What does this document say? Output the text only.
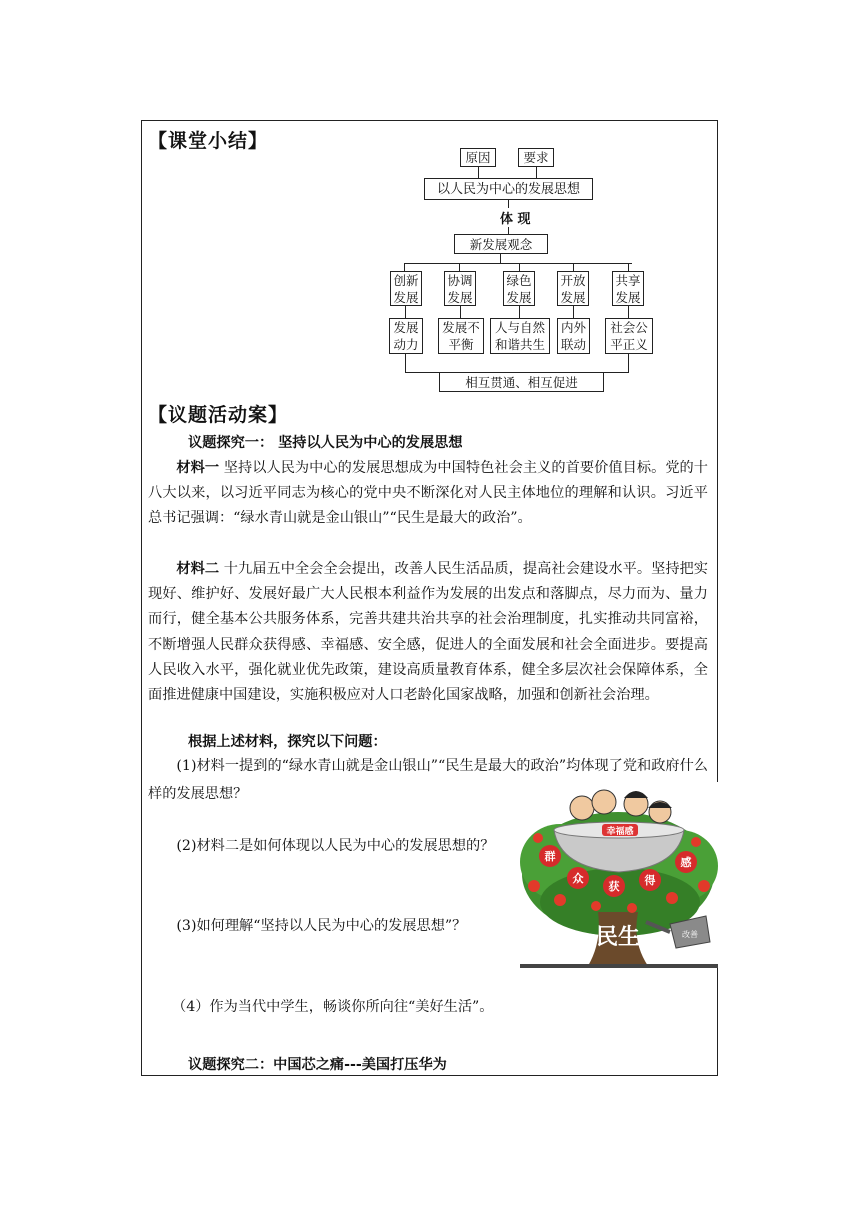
【课堂小结】
原因	要求
以人民为中心的发展思想
体 现
新发展观念
创新
发展
协调
发展
绿色
发展
开放
发展
共享
发展
发展
动力
发展不
平衡
人与自然
和谐共生
内外
联动
社会公
平正义
相互贯通、相互促进
【议题活动案】
议题探究一： 坚持以人民为中心的发展思想
材料一 坚持以人民为中心的发展思想成为中国特色社会主义的首要价值目标。党的十八大以来，以习近平同志为核心的党中央不断深化对人民主体地位的理解和认识。习近平总书记强调：“绿水青山就是金山银山”“民生是最大的政治”。
材料二 十九届五中全会全会提出，改善人民生活品质，提高社会建设水平。坚持把实现好、维护好、发展好最广大人民根本利益作为发展的出发点和落脚点，尽力而为、量力而行，健全基本公共服务体系，完善共建共治共享的社会治理制度，扎实推动共同富裕，不断增强人民群众获得感、幸福感、安全感，促进人的全面发展和社会全面进步。要提高人民收入水平，强化就业优先政策，建设高质量教育体系，健全多层次社会保障体系，全面推进健康中国建设，实施积极应对人口老龄化国家战略，加强和创新社会治理。
根据上述材料，探究以下问题：
(1)材料一提到的“绿水青山就是金山银山”“民生是最大的政治”均体现了党和政府什么样的发展思想？
(2)材料二是如何体现以人民为中心的发展思想的？
(3)如何理解“坚持以人民为中心的发展思想”？
（4）作为当代中学生，畅谈你所向往“美好生活”。
议题探究二：中国芯之痛---美国打压华为
幸福感
群
众
获 得
感
民生	改善
